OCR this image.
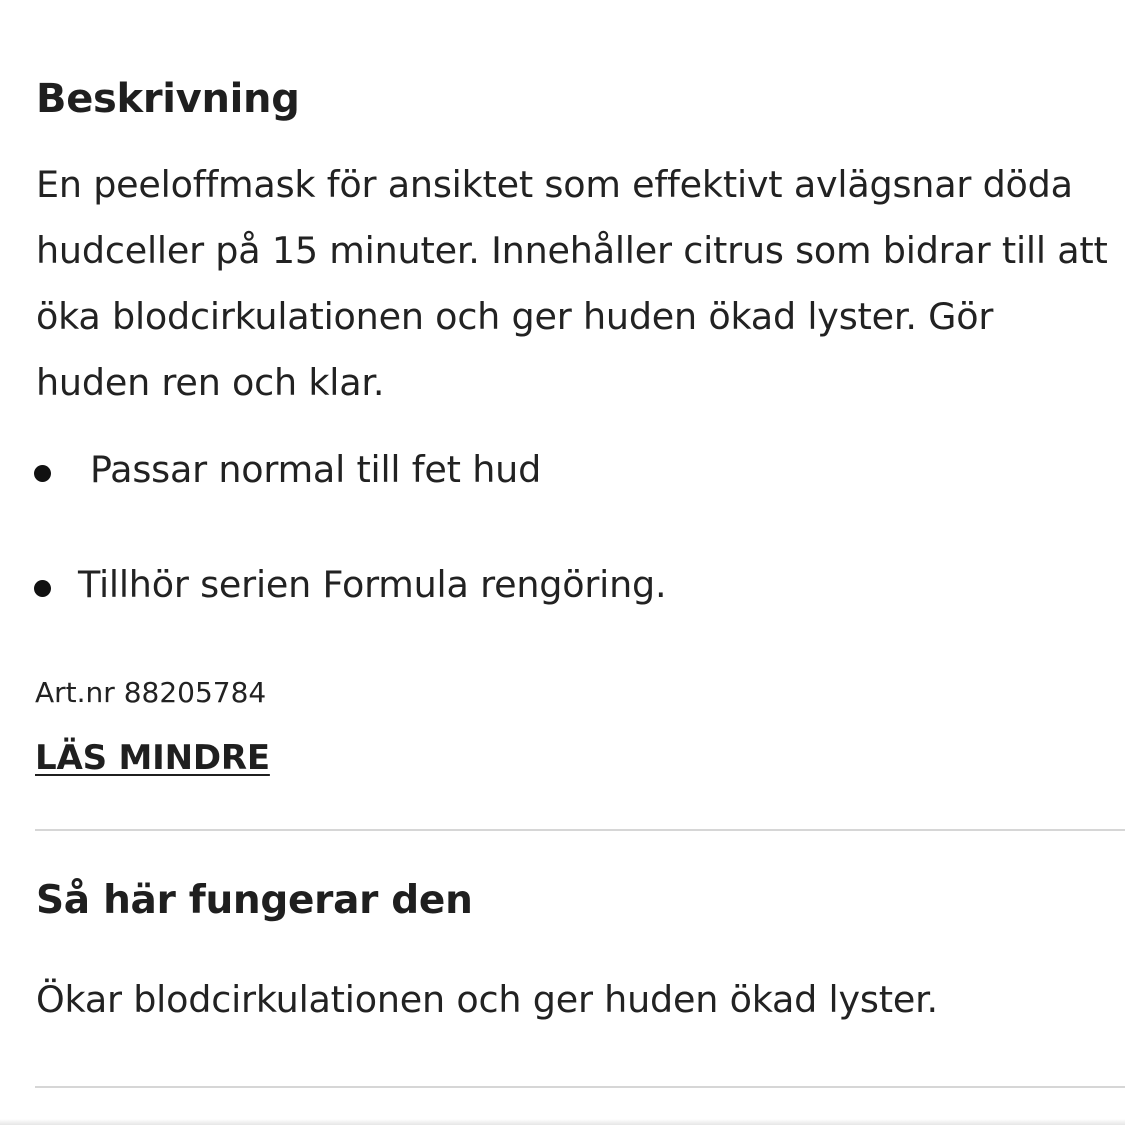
Beskrivning

En peeloffmask för ansiktet som effektivt avlägsnar döda
hudceller på 15 minuter. Innehåller citrus som bidrar till att
öka blodcirkulationen och ger huden ökad lyster. Gör
huden ren och klar.

Passar normal till fet hud
Tillhör serien Formula rengöring.
Art.nr 88205784
LÄS MINDRE
Så här fungerar den
Ökar blodcirkulationen och ger huden ökad lyster.
